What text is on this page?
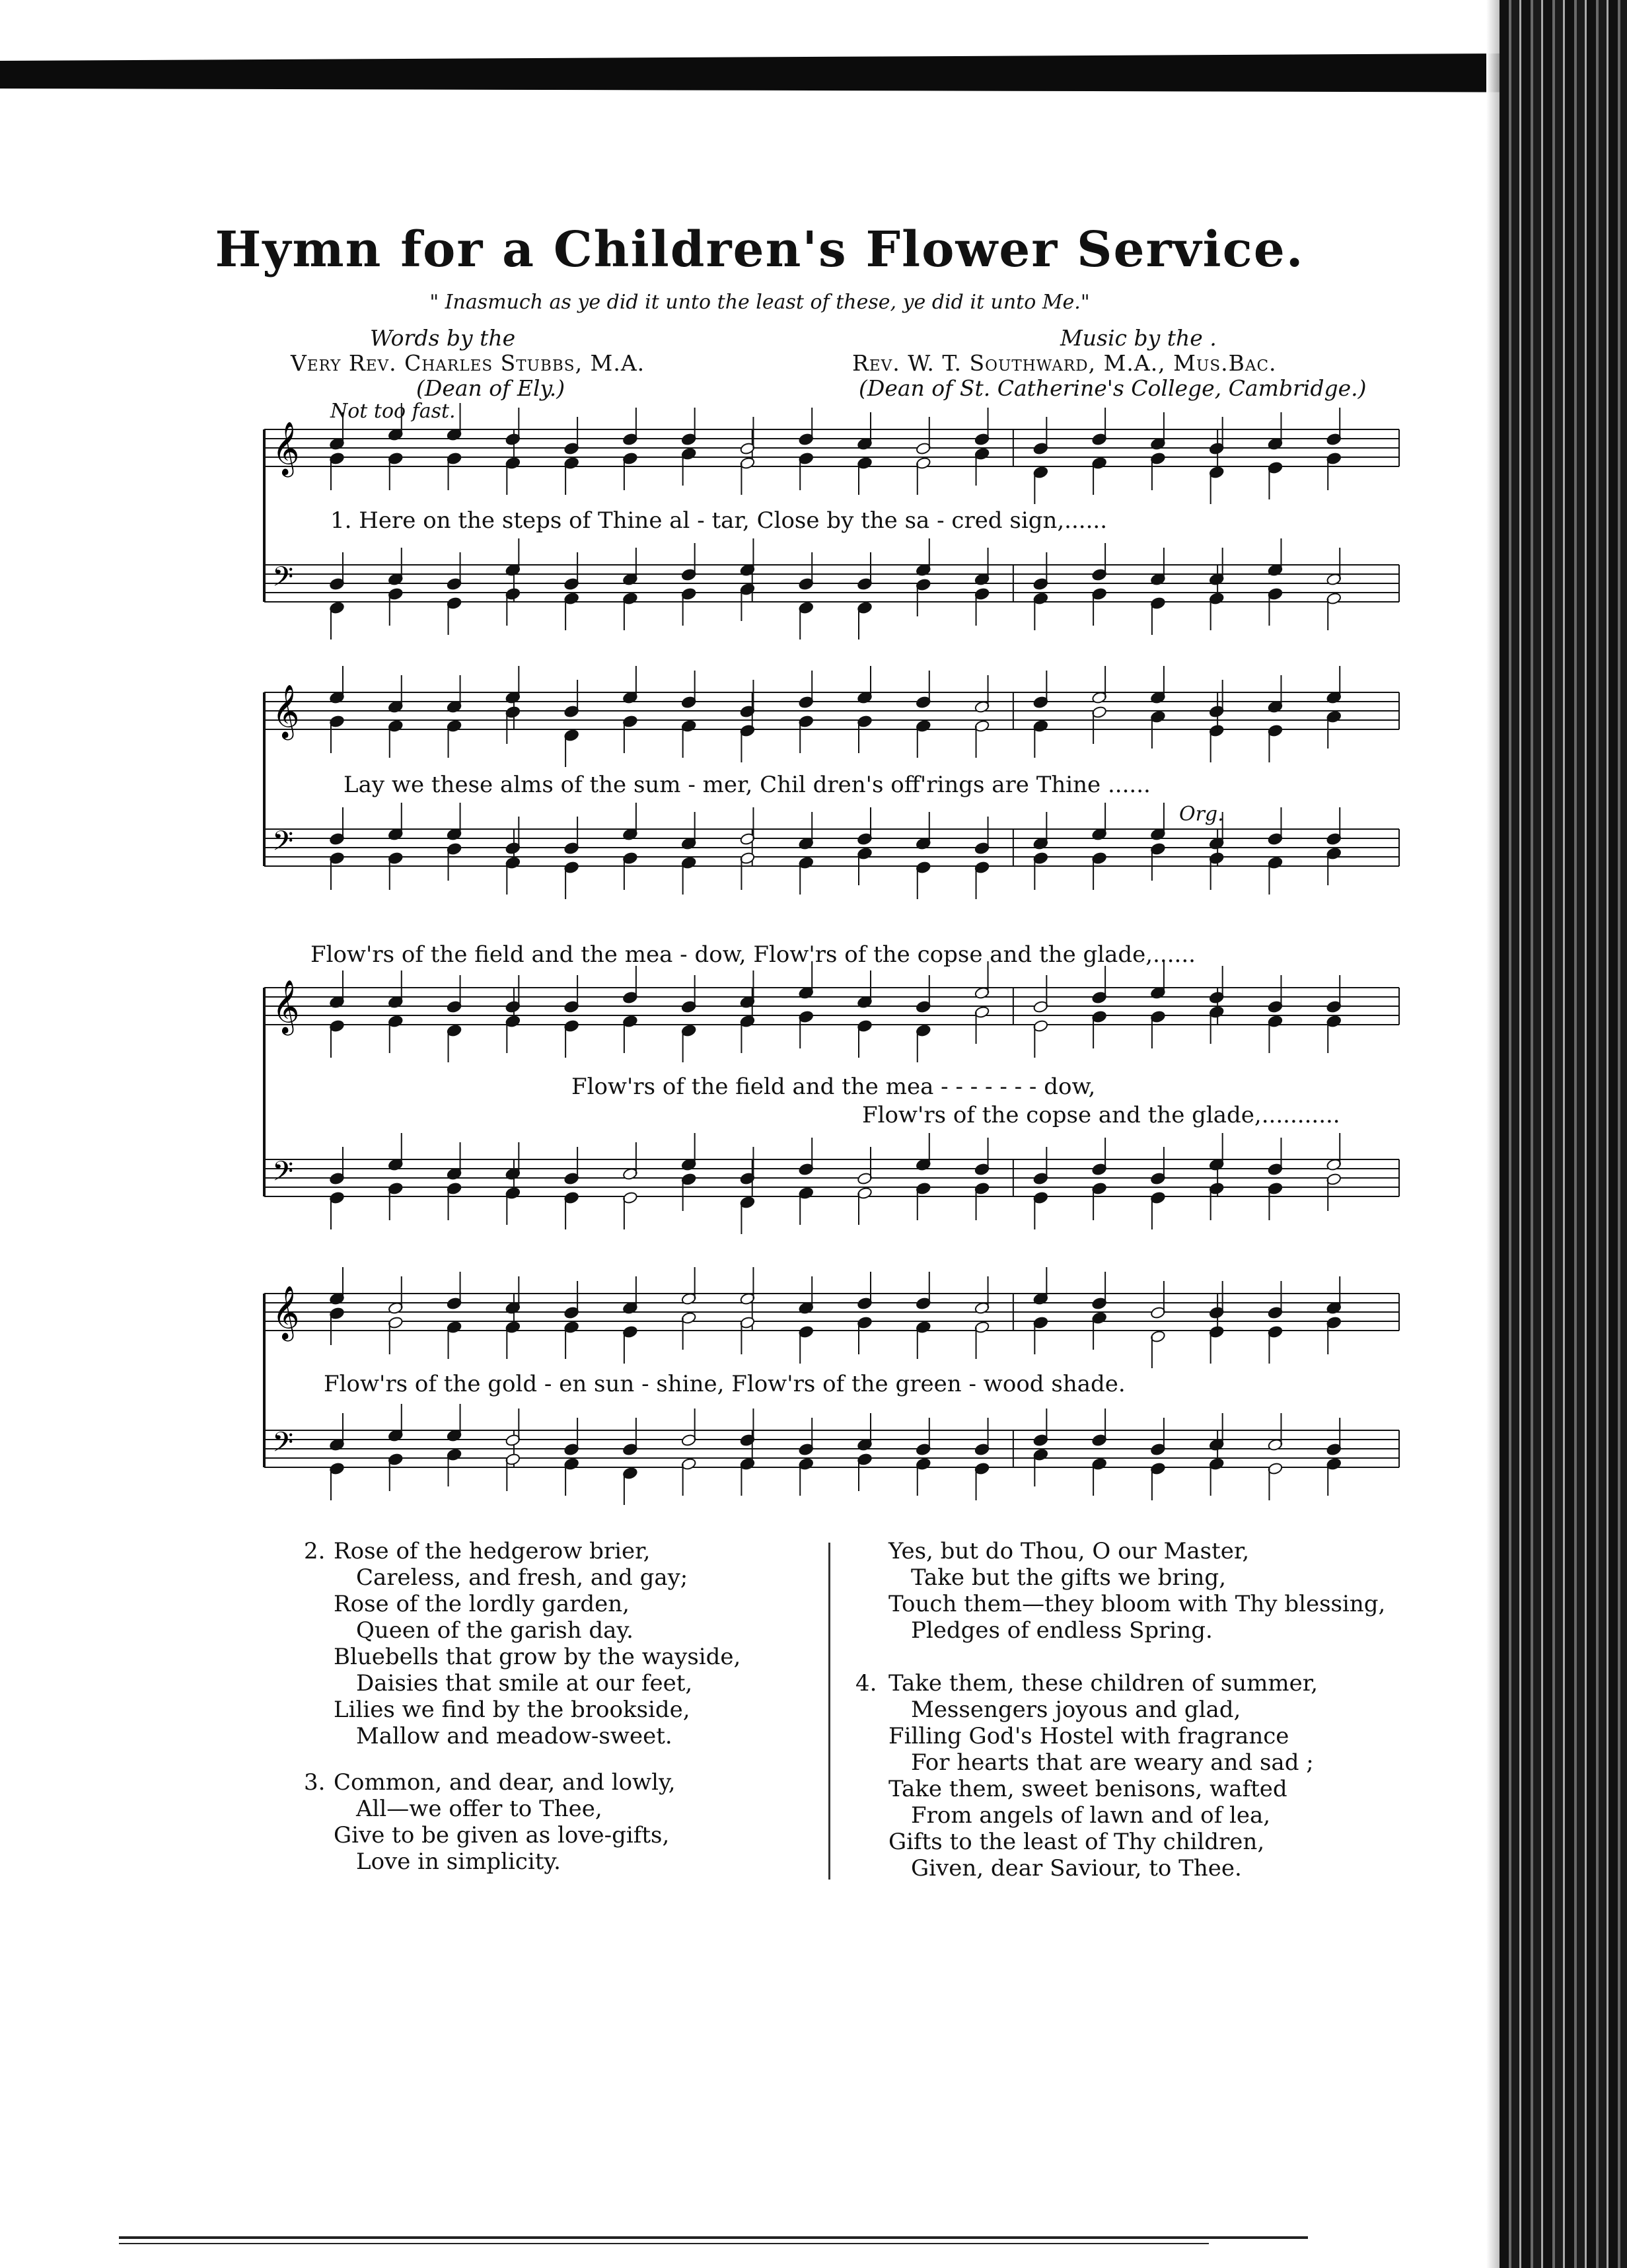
Hymn for a Children's Flower Service.
" Inasmuch as ye did it unto the least of these, ye did it unto Me."
Words by the
Very Rev. Charles Stubbs, M.A.
(Dean of Ely.)
Music by the .
Rev. W. T. Southward, M.A., Mus.Bac.
(Dean of St. Catherine's College, Cambridge.)
Not too fast.
𝄞
𝄢
𝄞
𝄢
𝄞
𝄢
𝄞
𝄢
1. Here on the steps of Thine al - tar, Close by the sa - cred sign,......
Lay we these alms of the sum - mer, Chil dren's off'rings are Thine ......
Flow'rs of the field and the mea - dow, Flow'rs of the copse and the glade,......
Flow'rs of the field and the mea - - - - - - - dow,
Flow'rs of the copse and the glade,...........
Flow'rs of the gold - en sun - shine, Flow'rs of the green - wood shade.
Org.
2. Rose of the hedgerow brier,
Careless, and fresh, and gay;
Rose of the lordly garden,
Queen of the garish day.
Bluebells that grow by the wayside,
Daisies that smile at our feet,
Lilies we find by the brookside,
Mallow and meadow-sweet.
3. Common, and dear, and lowly,
All—we offer to Thee,
Give to be given as love-gifts,
Love in simplicity.
Yes, but do Thou, O our Master,
Take but the gifts we bring,
Touch them—they bloom with Thy blessing,
Pledges of endless Spring.
4. Take them, these children of summer,
Messengers joyous and glad,
Filling God's Hostel with fragrance
For hearts that are weary and sad ;
Take them, sweet benisons, wafted
From angels of lawn and of lea,
Gifts to the least of Thy children,
Given, dear Saviour, to Thee.
